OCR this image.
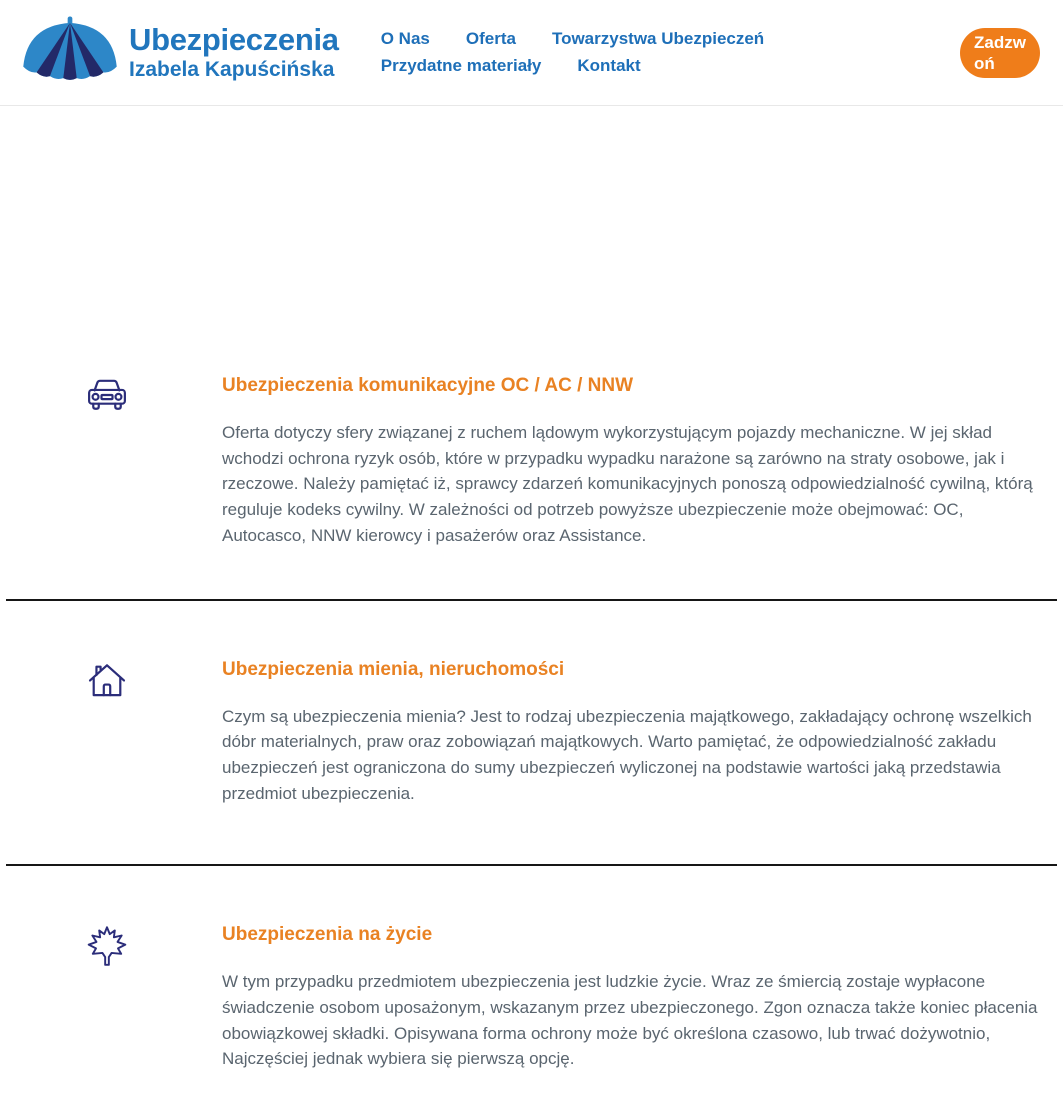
Ubezpieczenia
Izabela Kapuścińska
O Nas Oferta Towarzystwa Ubezpieczeń
Przydatne materiały Kontakt
Zadzwoń
Ubezpieczenia komunikacyjne OC / AC / NNW

Oferta dotyczy sfery związanej z ruchem lądowym wykorzystującym pojazdy mechaniczne. W jej skład wchodzi ochrona ryzyk osób, które w przypadku wypadku narażone są zarówno na straty osobowe, jak i rzeczowe. Należy pamiętać iż, sprawcy zdarzeń komunikacyjnych ponoszą odpowiedzialność cywilną, którą reguluje kodeks cywilny. W zależności od potrzeb powyższe ubezpieczenie może obejmować: OC, Autocasco, NNW kierowcy i pasażerów oraz Assistance.

Ubezpieczenia mienia, nieruchomości

Czym są ubezpieczenia mienia? Jest to rodzaj ubezpieczenia majątkowego, zakładający ochronę wszelkich dóbr materialnych, praw oraz zobowiązań majątkowych. Warto pamiętać, że odpowiedzialność zakładu ubezpieczeń jest ograniczona do sumy ubezpieczeń wyliczonej na podstawie wartości jaką przedstawia przedmiot ubezpieczenia.

Ubezpieczenia na życie

W tym przypadku przedmiotem ubezpieczenia jest ludzkie życie. Wraz ze śmiercią zostaje wypłacone świadczenie osobom uposażonym, wskazanym przez ubezpieczonego. Zgon oznacza także koniec płacenia obowiązkowej składki. Opisywana forma ochrony może być określona czasowo, lub trwać dożywotnio, Najczęściej jednak wybiera się pierwszą opcję.
